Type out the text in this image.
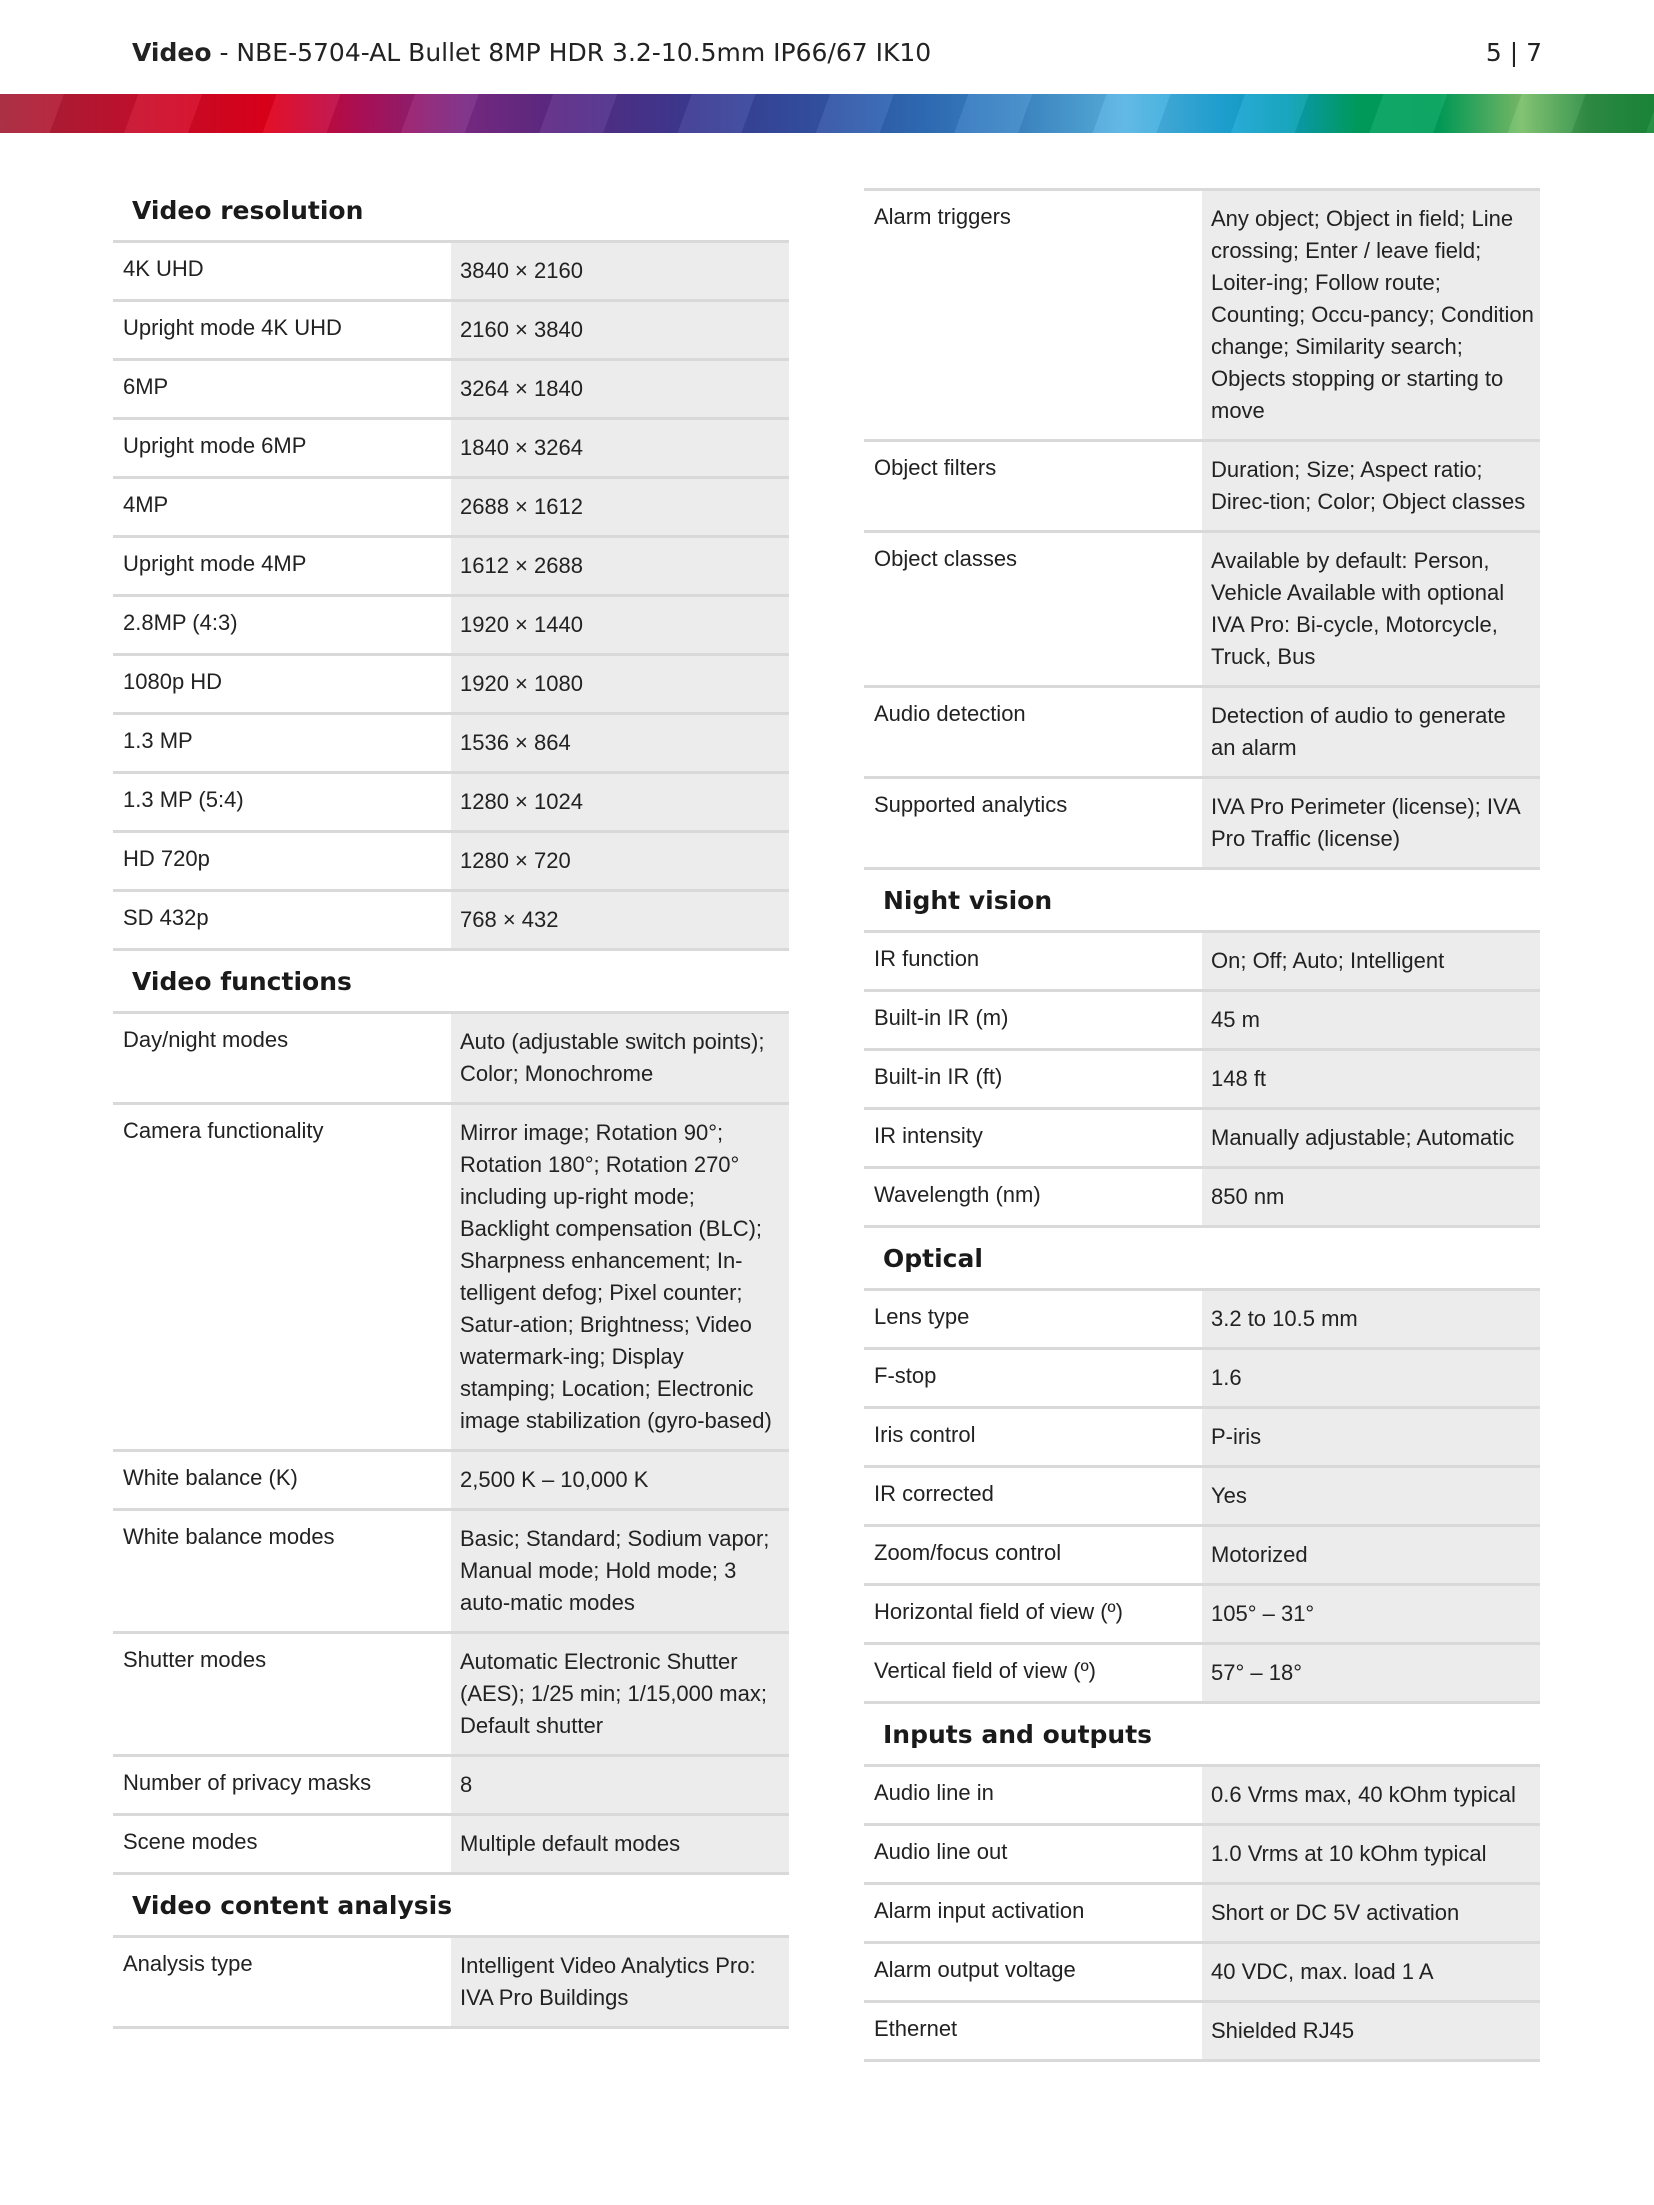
Video - NBE-5704-AL Bullet 8MP HDR 3.2-10.5mm IP66/67 IK10	5 | 7
Video resolution
4K UHD	3840 × 2160
Upright mode 4K UHD	2160 × 3840
6MP	3264 × 1840
Upright mode 6MP	1840 × 3264
4MP	2688 × 1612
Upright mode 4MP	1612 × 2688
2.8MP (4:3)	1920 × 1440
1080p HD	1920 × 1080
1.3 MP	1536 × 864
1.3 MP (5:4)	1280 × 1024
HD 720p	1280 × 720
SD 432p	768 × 432
Video functions
Day/night modes	Auto (adjustable switch points); Color; Monochrome
Camera functionality	Mirror image; Rotation 90°; Rotation 180°; Rotation 270° including up-right mode; Backlight compensation (BLC); Sharpness enhancement; In-telligent defog; Pixel counter; Satur-ation; Brightness; Video watermark-ing; Display stamping; Location; Electronic image stabilization (gyro-based)
White balance (K)	2,500 K – 10,000 K
White balance modes	Basic; Standard; Sodium vapor; Manual mode; Hold mode; 3 auto-matic modes
Shutter modes	Automatic Electronic Shutter (AES); 1/25 min; 1/15,000 max; Default shutter
Number of privacy masks	8
Scene modes	Multiple default modes
Video content analysis
Analysis type	Intelligent Video Analytics Pro: IVA Pro Buildings
Alarm triggers	Any object; Object in field; Line crossing; Enter / leave field; Loiter-ing; Follow route; Counting; Occu-pancy; Condition change; Similarity search; Objects stopping or starting to move
Object filters	Duration; Size; Aspect ratio; Direc-tion; Color; Object classes
Object classes	Available by default: Person, Vehicle Available with optional IVA Pro: Bi-cycle, Motorcycle, Truck, Bus
Audio detection	Detection of audio to generate an alarm
Supported analytics	IVA Pro Perimeter (license); IVA Pro Traffic (license)
Night vision
IR function	On; Off; Auto; Intelligent
Built-in IR (m)	45 m
Built-in IR (ft)	148 ft
IR intensity	Manually adjustable; Automatic
Wavelength (nm)	850 nm
Optical
Lens type	3.2 to 10.5 mm
F-stop	1.6
Iris control	P-iris
IR corrected	Yes
Zoom/focus control	Motorized
Horizontal field of view (º)	105° – 31°
Vertical field of view (º)	57° – 18°
Inputs and outputs
Audio line in	0.6 Vrms max, 40 kOhm typical
Audio line out	1.0 Vrms at 10 kOhm typical
Alarm input activation	Short or DC 5V activation
Alarm output voltage	40 VDC, max. load 1 A
Ethernet	Shielded RJ45
